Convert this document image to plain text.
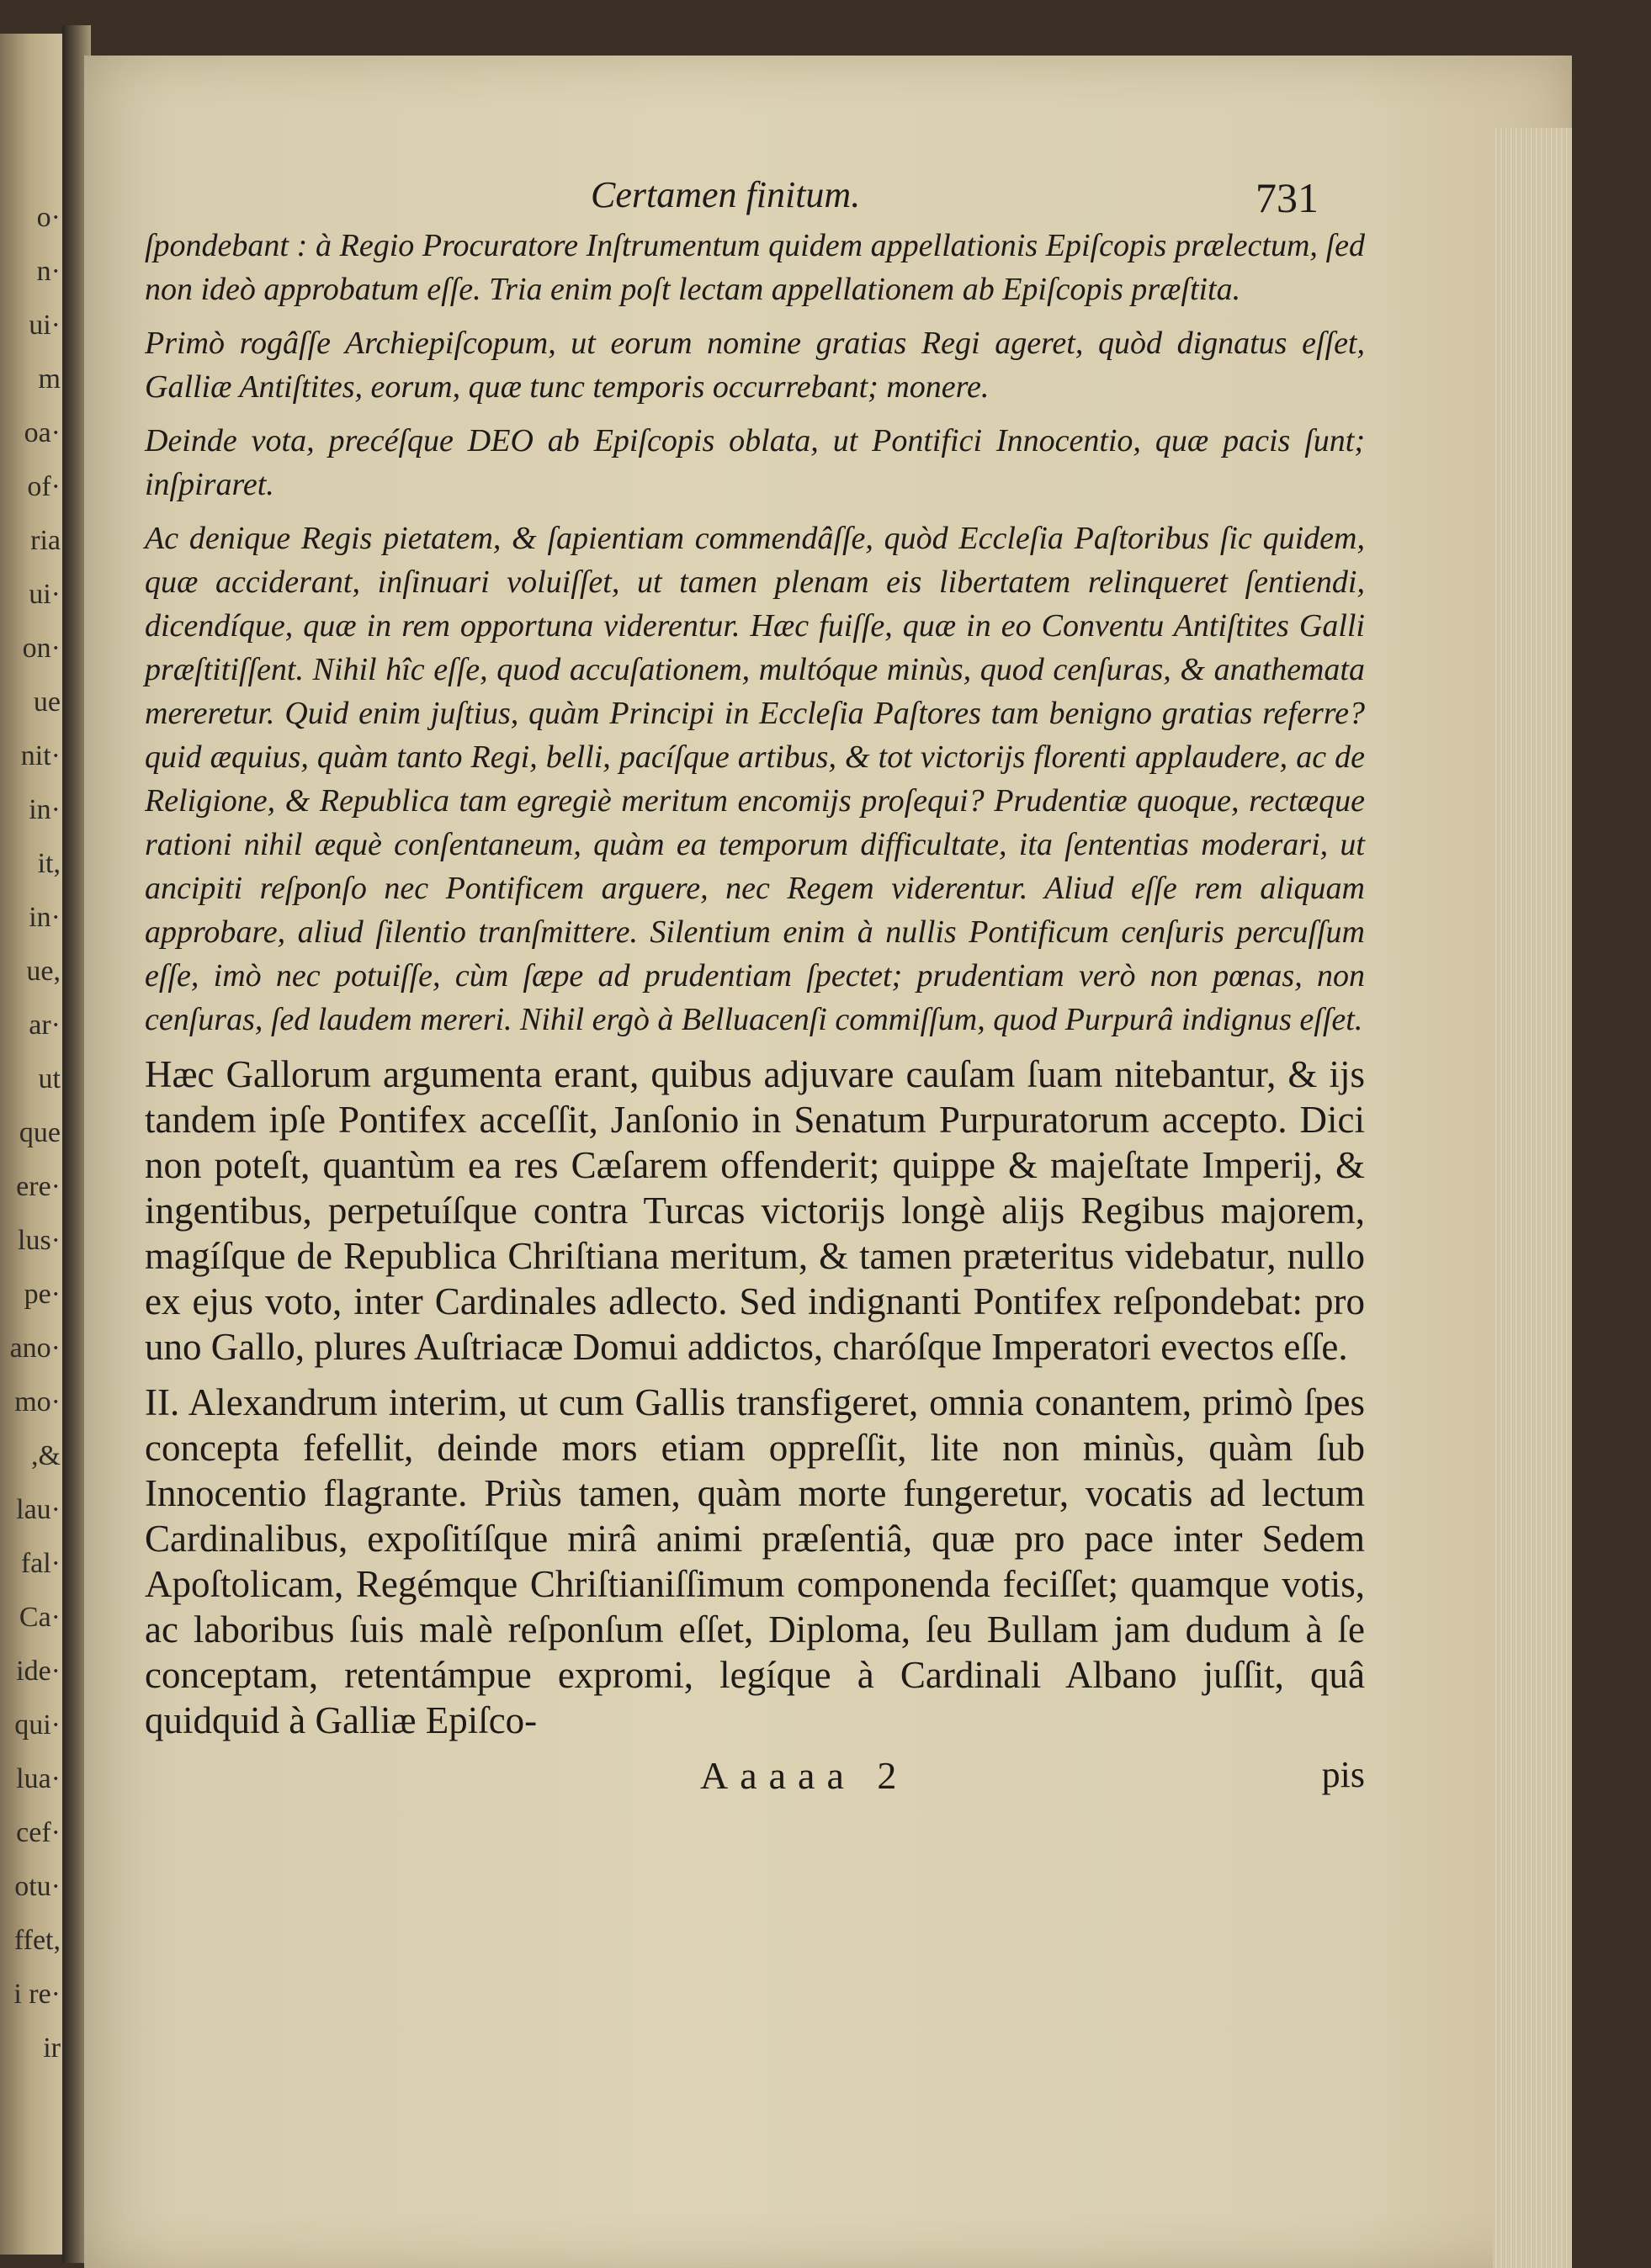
o·
n·
ui·
m
oa·
of·
ria
ui·
on·
ue
nit·
in·
it,
in·
ue,
ar·
ut
que
ere·
lus·
pe·
ano·
mo·
,&
lau·
fal·
Ca·
ide·
qui·
lua·
cef·
otu·
ffet,
i re·
ir
Certamen finitum.	731

ſpondebant : à Regio Procuratore Inſtrumentum quidem appellationis Epiſcopis prælectum, ſed non ideò approbatum eſſe. Tria enim poſt lectam appellationem ab Epiſcopis præſtita.

Primò rogâſſe Archiepiſcopum, ut eorum nomine gratias Regi ageret, quòd dignatus eſſet, Galliæ Antiſtites, eorum, quæ tunc temporis occurrebant; monere.

Deinde vota, precéſque DEO ab Epiſcopis oblata, ut Pontifici Innocentio, quæ pacis ſunt; inſpiraret.

Ac denique Regis pietatem, & ſapientiam commendâſſe, quòd Eccleſia Paſtoribus ſic quidem, quæ acciderant, inſinuari voluiſſet, ut tamen plenam eis libertatem relinqueret ſentiendi, dicendíque, quæ in rem opportuna viderentur. Hæc fuiſſe, quæ in eo Conventu Antiſtites Galli præſtitiſſent. Nihil hîc eſſe, quod accuſationem, multóque minùs, quod cenſuras, & anathemata mereretur. Quid enim juſtius, quàm Principi in Eccleſia Paſtores tam benigno gratias referre? quid æquius, quàm tanto Regi, belli, pacíſque artibus, & tot victorijs florenti applaudere, ac de Religione, & Republica tam egregiè meritum encomijs proſequi? Prudentiæ quoque, rectæque rationi nihil æquè conſentaneum, quàm ea temporum difficultate, ita ſententias moderari, ut ancipiti reſponſo nec Pontificem arguere, nec Regem viderentur. Aliud eſſe rem aliquam approbare, aliud ſilentio tranſmittere. Silentium enim à nullis Pontificum cenſuris percuſſum eſſe, imò nec potuiſſe, cùm ſæpe ad prudentiam ſpectet; prudentiam verò non pœnas, non cenſuras, ſed laudem mereri. Nihil ergò à Belluacenſi commiſſum, quod Purpurâ indignus eſſet.

Hæc Gallorum argumenta erant, quibus adjuvare cauſam ſuam nitebantur, & ijs tandem ipſe Pontifex acceſſit, Janſonio in Senatum Purpuratorum accepto. Dici non poteſt, quantùm ea res Cæſarem offenderit; quippe & majeſtate Imperij, & ingentibus, perpetuíſque contra Turcas victorijs longè alijs Regibus majorem, magíſque de Republica Chriſtiana meritum, & tamen præteritus videbatur, nullo ex ejus voto, inter Cardinales adlecto. Sed indignanti Pontifex reſpondebat: pro uno Gallo, plures Auſtriacæ Domui addictos, charóſque Imperatori evectos eſſe.

II. Alexandrum interim, ut cum Gallis transfigeret, omnia conantem, primò ſpes concepta fefellit, deinde mors etiam oppreſſit, lite non minùs, quàm ſub Innocentio flagrante. Priùs tamen, quàm morte fungeretur, vocatis ad lectum Cardinalibus, expoſitíſque mirâ animi præſentiâ, quæ pro pace inter Sedem Apoſtolicam, Regémque Chriſtianiſſimum componenda feciſſet; quamque votis, ac laboribus ſuis malè reſponſum eſſet, Diploma, ſeu Bullam jam dudum à ſe conceptam, retentámpue expromi, legíque à Cardinali Albano juſſit, quâ quidquid à Galliæ Epiſco-

Aaaaa 2	pis
